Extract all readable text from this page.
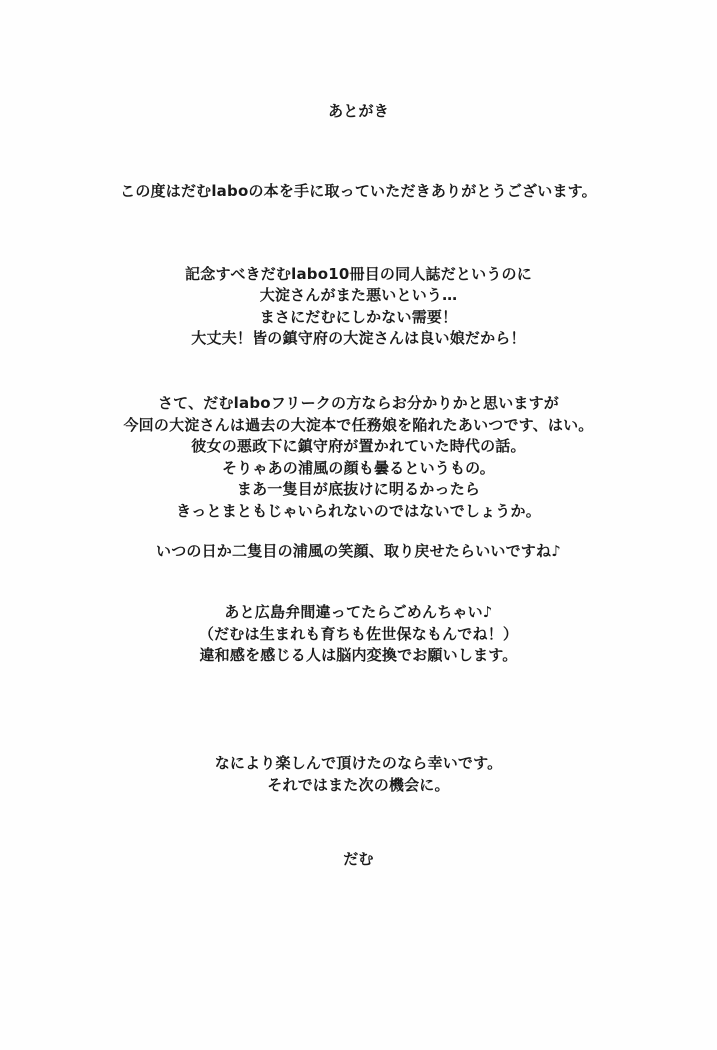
あとがき
この度はだむlaboの本を手に取っていただきありがとうございます。
記念すべきだむlabo10冊目の同人誌だというのに
大淀さんがまた悪いという…
まさにだむにしかない需要！
大丈夫！皆の鎮守府の大淀さんは良い娘だから！
さて、だむlaboフリークの方ならお分かりかと思いますが
今回の大淀さんは過去の大淀本で任務娘を陥れたあいつです、はい。
彼女の悪政下に鎮守府が置かれていた時代の話。
そりゃあの浦風の顔も曇るというもの。
まあ一隻目が底抜けに明るかったら
きっとまともじゃいられないのではないでしょうか。
いつの日か二隻目の浦風の笑顔、取り戻せたらいいですね♪
あと広島弁間違ってたらごめんちゃい♪
（だむは生まれも育ちも佐世保なもんでね！）
違和感を感じる人は脳内変換でお願いします。
なにより楽しんで頂けたのなら幸いです。
それではまた次の機会に。
だむ
